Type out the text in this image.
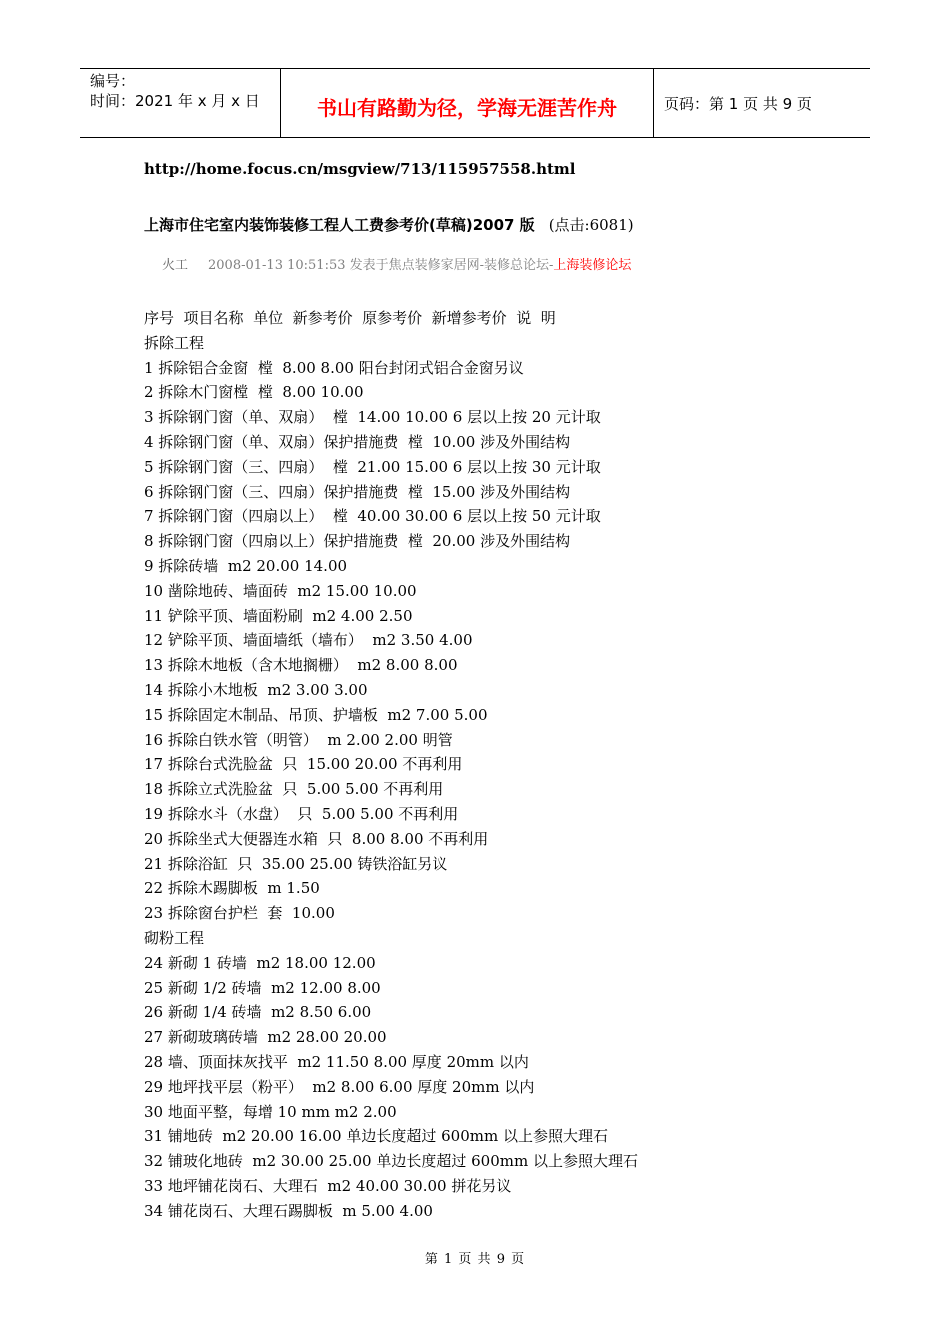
编号：
时间：2021 年 x 月 x 日	书山有路勤为径，学海无涯苦作舟	页码：第 1 页 共 9 页
http://home.focus.cn/msgview/713/115957558.html
上海市住宅室内装饰装修工程人工费参考价(草稿)2007 版 (点击:6081)
火工 2008-01-13 10:51:53 发表于焦点装修家居网-装修总论坛-上海装修论坛
序号  项目名称  单位  新参考价  原参考价  新增参考价  说  明
拆除工程
1 拆除铝合金窗  樘  8.00 8.00 阳台封闭式铝合金窗另议
2 拆除木门窗樘  樘  8.00 10.00
3 拆除钢门窗（单、双扇）  樘  14.00 10.00 6 层以上按 20 元计取
4 拆除钢门窗（单、双扇）保护措施费  樘  10.00 涉及外围结构
5 拆除钢门窗（三、四扇）  樘  21.00 15.00 6 层以上按 30 元计取
6 拆除钢门窗（三、四扇）保护措施费  樘  15.00 涉及外围结构
7 拆除钢门窗（四扇以上）  樘  40.00 30.00 6 层以上按 50 元计取
8 拆除钢门窗（四扇以上）保护措施费  樘  20.00 涉及外围结构
9 拆除砖墙  m2 20.00 14.00
10 凿除地砖、墙面砖  m2 15.00 10.00
11 铲除平顶、墙面粉刷  m2 4.00 2.50
12 铲除平顶、墙面墙纸（墙布）  m2 3.50 4.00
13 拆除木地板（含木地搁栅）  m2 8.00 8.00
14 拆除小木地板  m2 3.00 3.00
15 拆除固定木制品、吊顶、护墙板  m2 7.00 5.00
16 拆除白铁水管（明管）  m 2.00 2.00 明管
17 拆除台式洗脸盆  只  15.00 20.00 不再利用
18 拆除立式洗脸盆  只  5.00 5.00 不再利用
19 拆除水斗（水盘）  只  5.00 5.00 不再利用
20 拆除坐式大便器连水箱  只  8.00 8.00 不再利用
21 拆除浴缸  只  35.00 25.00 铸铁浴缸另议
22 拆除木踢脚板  m 1.50
23 拆除窗台护栏  套  10.00
砌粉工程
24 新砌 1 砖墙  m2 18.00 12.00
25 新砌 1/2 砖墙  m2 12.00 8.00
26 新砌 1/4 砖墙  m2 8.50 6.00
27 新砌玻璃砖墙  m2 28.00 20.00
28 墙、顶面抹灰找平  m2 11.50 8.00 厚度 20mm 以内
29 地坪找平层（粉平）  m2 8.00 6.00 厚度 20mm 以内
30 地面平整，每增 10 mm m2 2.00
31 铺地砖  m2 20.00 16.00 单边长度超过 600mm 以上参照大理石
32 铺玻化地砖  m2 30.00 25.00 单边长度超过 600mm 以上参照大理石
33 地坪铺花岗石、大理石  m2 40.00 30.00 拼花另议
34 铺花岗石、大理石踢脚板  m 5.00 4.00
第 1 页 共 9 页
